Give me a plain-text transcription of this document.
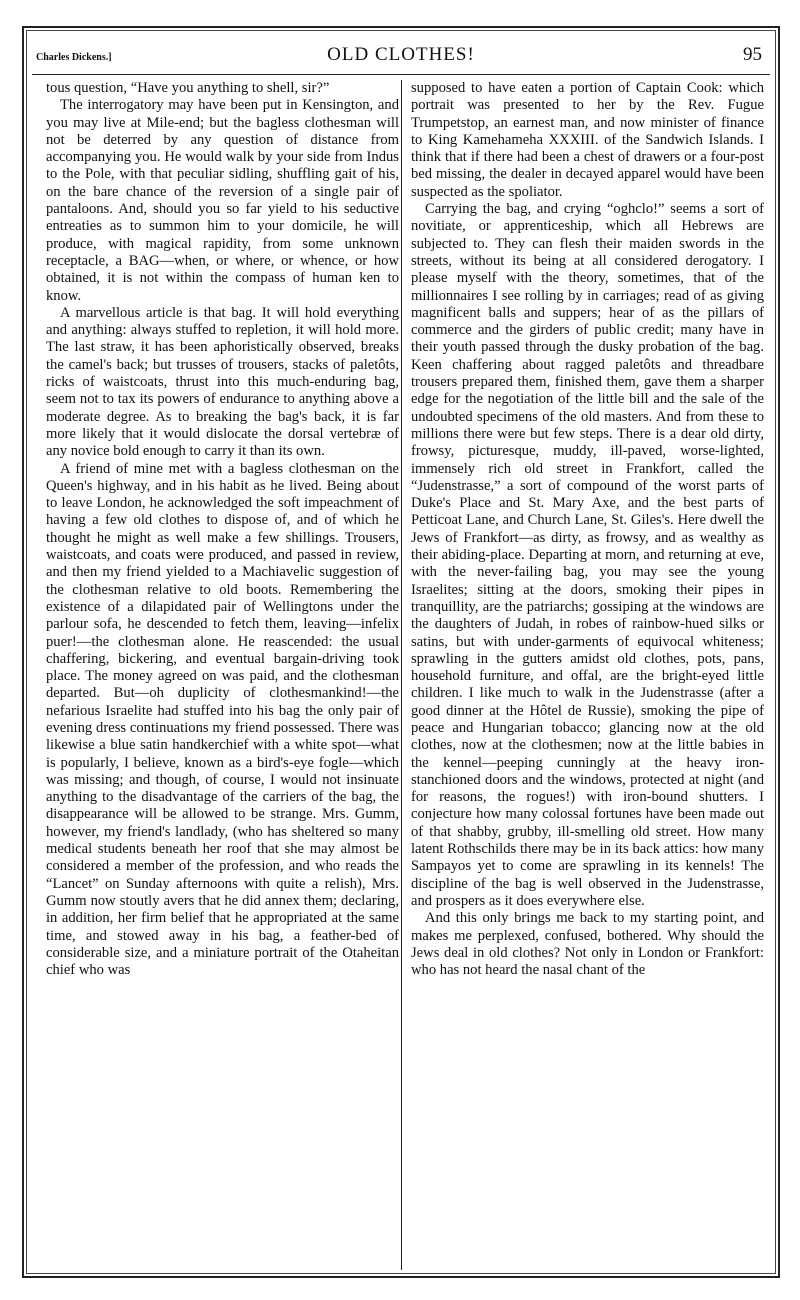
Charles Dickens.]	OLD CLOTHES!	95

tous question, “Have you anything to shell, sir?”

The interrogatory may have been put in Kensington, and you may live at Mile-end; but the bagless clothesman will not be deterred by any question of distance from accompanying you. He would walk by your side from Indus to the Pole, with that peculiar sidling, shuffling gait of his, on the bare chance of the reversion of a single pair of pantaloons. And, should you so far yield to his seductive entreaties as to summon him to your domicile, he will produce, with magical rapidity, from some unknown receptacle, a BAG—when, or where, or whence, or how obtained, it is not within the compass of human ken to know.

A marvellous article is that bag. It will hold everything and anything: always stuffed to repletion, it will hold more. The last straw, it has been aphoristically observed, breaks the camel's back; but trusses of trousers, stacks of paletôts, ricks of waistcoats, thrust into this much-enduring bag, seem not to tax its powers of endurance to anything above a moderate degree. As to breaking the bag's back, it is far more likely that it would dislocate the dorsal vertebræ of any novice bold enough to carry it than its own.

A friend of mine met with a bagless clothesman on the Queen's highway, and in his habit as he lived. Being about to leave London, he acknowledged the soft impeachment of having a few old clothes to dispose of, and of which he thought he might as well make a few shillings. Trousers, waistcoats, and coats were produced, and passed in review, and then my friend yielded to a Machiavelic suggestion of the clothesman relative to old boots. Remembering the existence of a dilapidated pair of Wellingtons under the parlour sofa, he descended to fetch them, leaving—infelix puer!—the clothesman alone. He reascended: the usual chaffering, bickering, and eventual bargain-driving took place. The money agreed on was paid, and the clothesman departed. But—oh duplicity of clothesmankind!—the nefarious Israelite had stuffed into his bag the only pair of evening dress continuations my friend possessed. There was likewise a blue satin handkerchief with a white spot—what is popularly, I believe, known as a bird's-eye fogle—which was missing; and though, of course, I would not insinuate anything to the disadvantage of the carriers of the bag, the disappearance will be allowed to be strange. Mrs. Gumm, however, my friend's landlady, (who has sheltered so many medical students beneath her roof that she may almost be considered a member of the profession, and who reads the “Lancet” on Sunday afternoons with quite a relish), Mrs. Gumm now stoutly avers that he did annex them; declaring, in addition, her firm belief that he appropriated at the same time, and stowed away in his bag, a feather-bed of considerable size, and a miniature portrait of the Otaheitan chief who was

supposed to have eaten a portion of Captain Cook: which portrait was presented to her by the Rev. Fugue Trumpetstop, an earnest man, and now minister of finance to King Kamehameha XXXIII. of the Sandwich Islands. I think that if there had been a chest of drawers or a four-post bed missing, the dealer in decayed apparel would have been suspected as the spoliator.

Carrying the bag, and crying “oghclo!” seems a sort of novitiate, or apprenticeship, which all Hebrews are subjected to. They can flesh their maiden swords in the streets, without its being at all considered derogatory. I please myself with the theory, sometimes, that of the millionnaires I see rolling by in carriages; read of as giving magnificent balls and suppers; hear of as the pillars of commerce and the girders of public credit; many have in their youth passed through the dusky probation of the bag. Keen chaffering about ragged paletôts and threadbare trousers prepared them, finished them, gave them a sharper edge for the negotiation of the little bill and the sale of the undoubted specimens of the old masters. And from these to millions there were but few steps. There is a dear old dirty, frowsy, picturesque, muddy, ill-paved, worse-lighted, immensely rich old street in Frankfort, called the “Judenstrasse,” a sort of compound of the worst parts of Duke's Place and St. Mary Axe, and the best parts of Petticoat Lane, and Church Lane, St. Giles's. Here dwell the Jews of Frankfort—as dirty, as frowsy, and as wealthy as their abiding-place. Departing at morn, and returning at eve, with the never-failing bag, you may see the young Israelites; sitting at the doors, smoking their pipes in tranquillity, are the patriarchs; gossiping at the windows are the daughters of Judah, in robes of rainbow-hued silks or satins, but with under-garments of equivocal whiteness; sprawling in the gutters amidst old clothes, pots, pans, household furniture, and offal, are the bright-eyed little children. I like much to walk in the Judenstrasse (after a good dinner at the Hôtel de Russie), smoking the pipe of peace and Hungarian tobacco; glancing now at the old clothes, now at the clothesmen; now at the little babies in the kennel—peeping cunningly at the heavy iron-stanchioned doors and the windows, protected at night (and for reasons, the rogues!) with iron-bound shutters. I conjecture how many colossal fortunes have been made out of that shabby, grubby, ill-smelling old street. How many latent Rothschilds there may be in its back attics: how many Sampayos yet to come are sprawling in its kennels! The discipline of the bag is well observed in the Judenstrasse, and prospers as it does everywhere else.

And this only brings me back to my starting point, and makes me perplexed, confused, bothered. Why should the Jews deal in old clothes? Not only in London or Frankfort: who has not heard the nasal chant of the
